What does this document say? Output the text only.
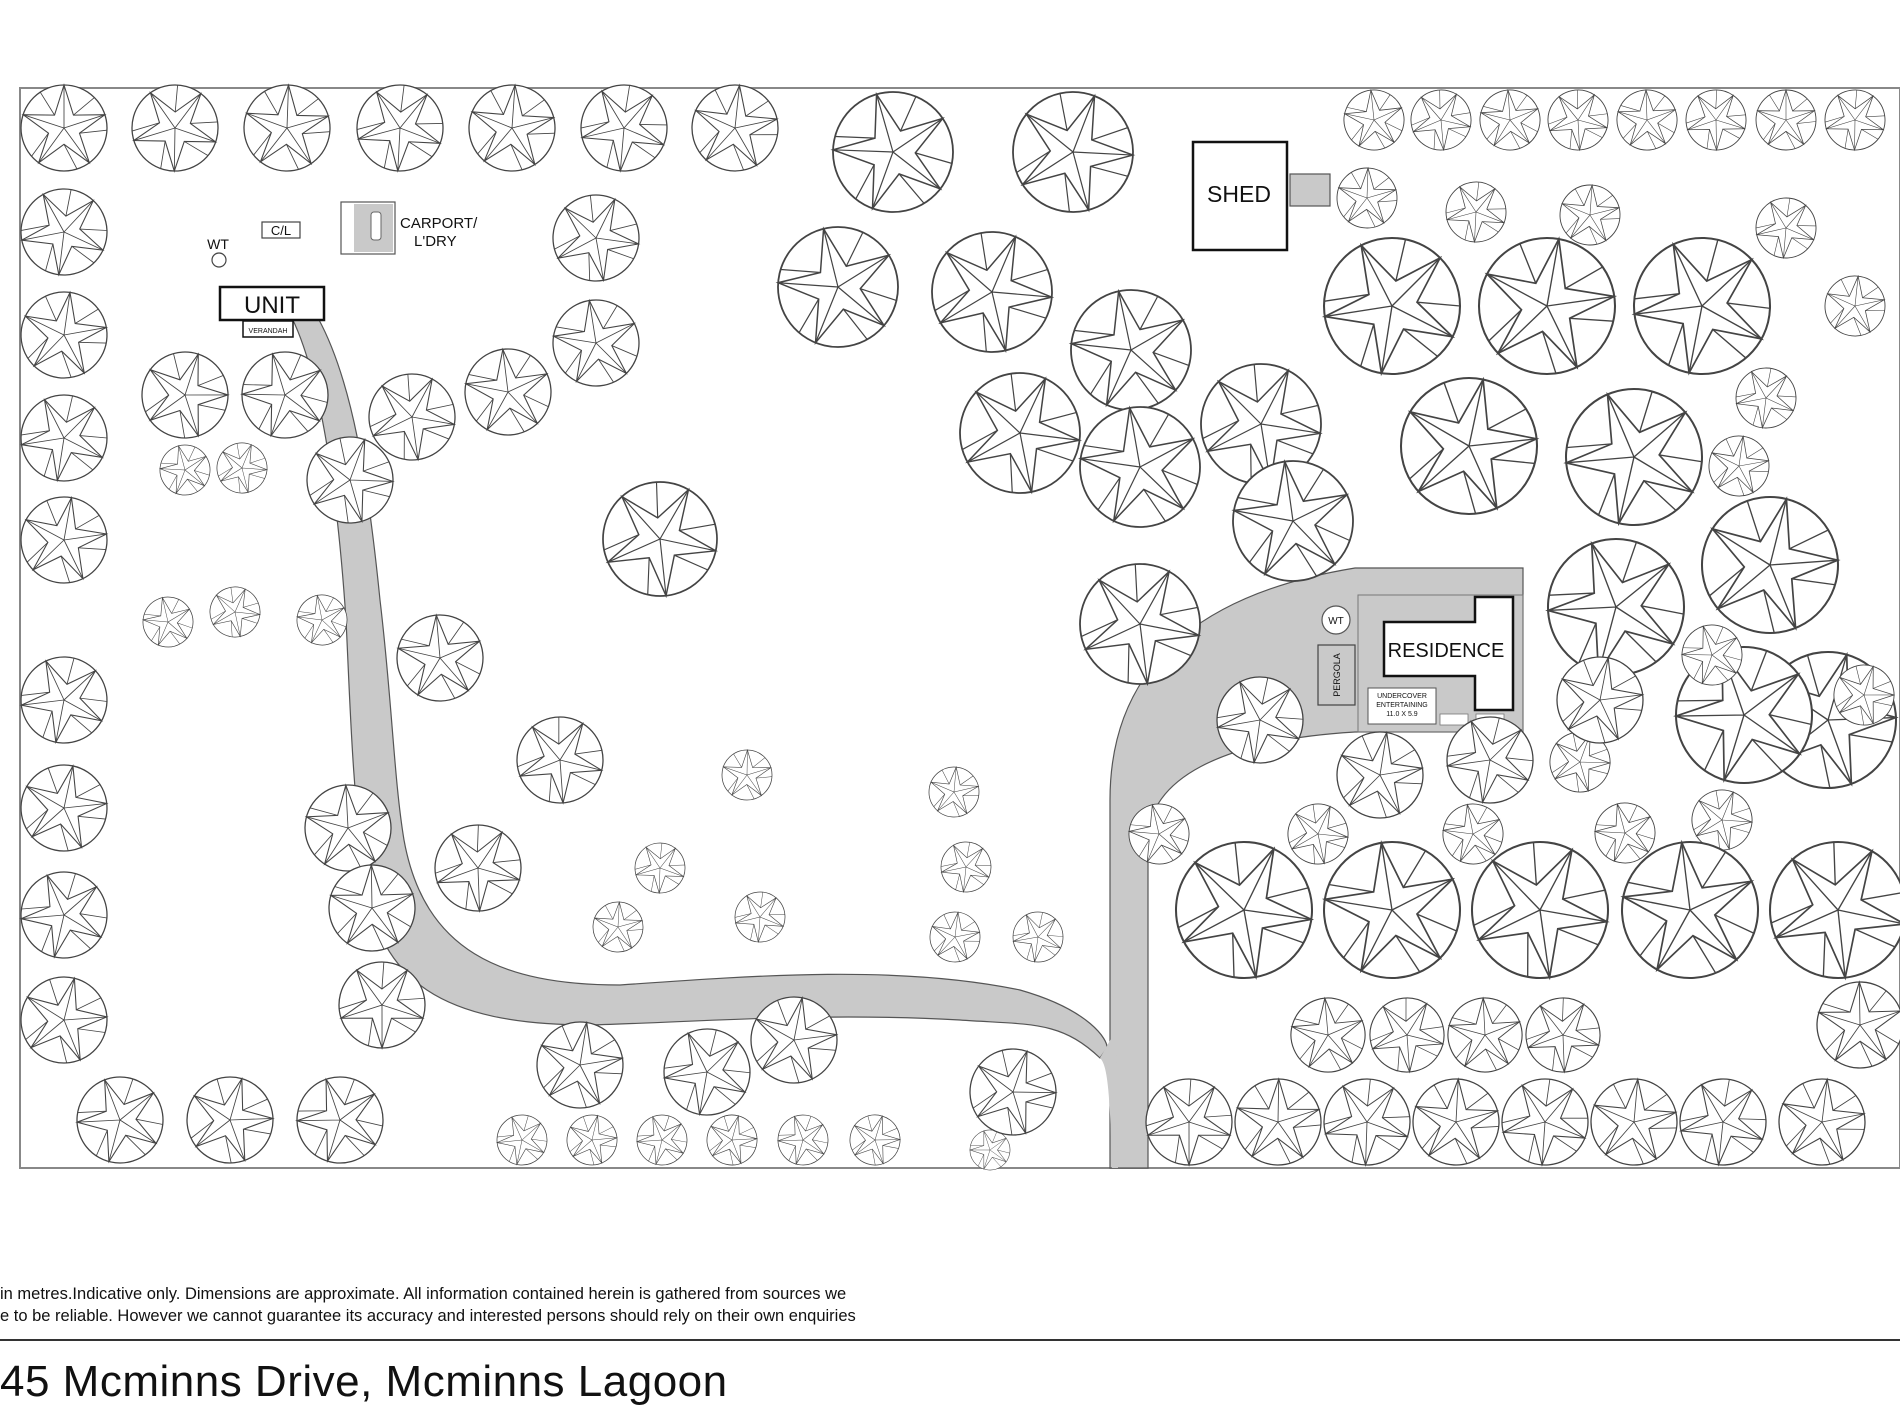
UNIT
VERANDAH
WT
C/L	CARPORT/
L'DRY
SHED
RESIDENCE
WT
PERGOLA	UNDERCOVER
ENTERTAINING
11.0 X 5.9
in metres.Indicative only. Dimensions are approximate. All information contained herein is gathered from sources we
e to be reliable. However we cannot guarantee its accuracy and interested persons should rely on their own enquiries
45 Mcminns Drive, Mcminns Lagoon
